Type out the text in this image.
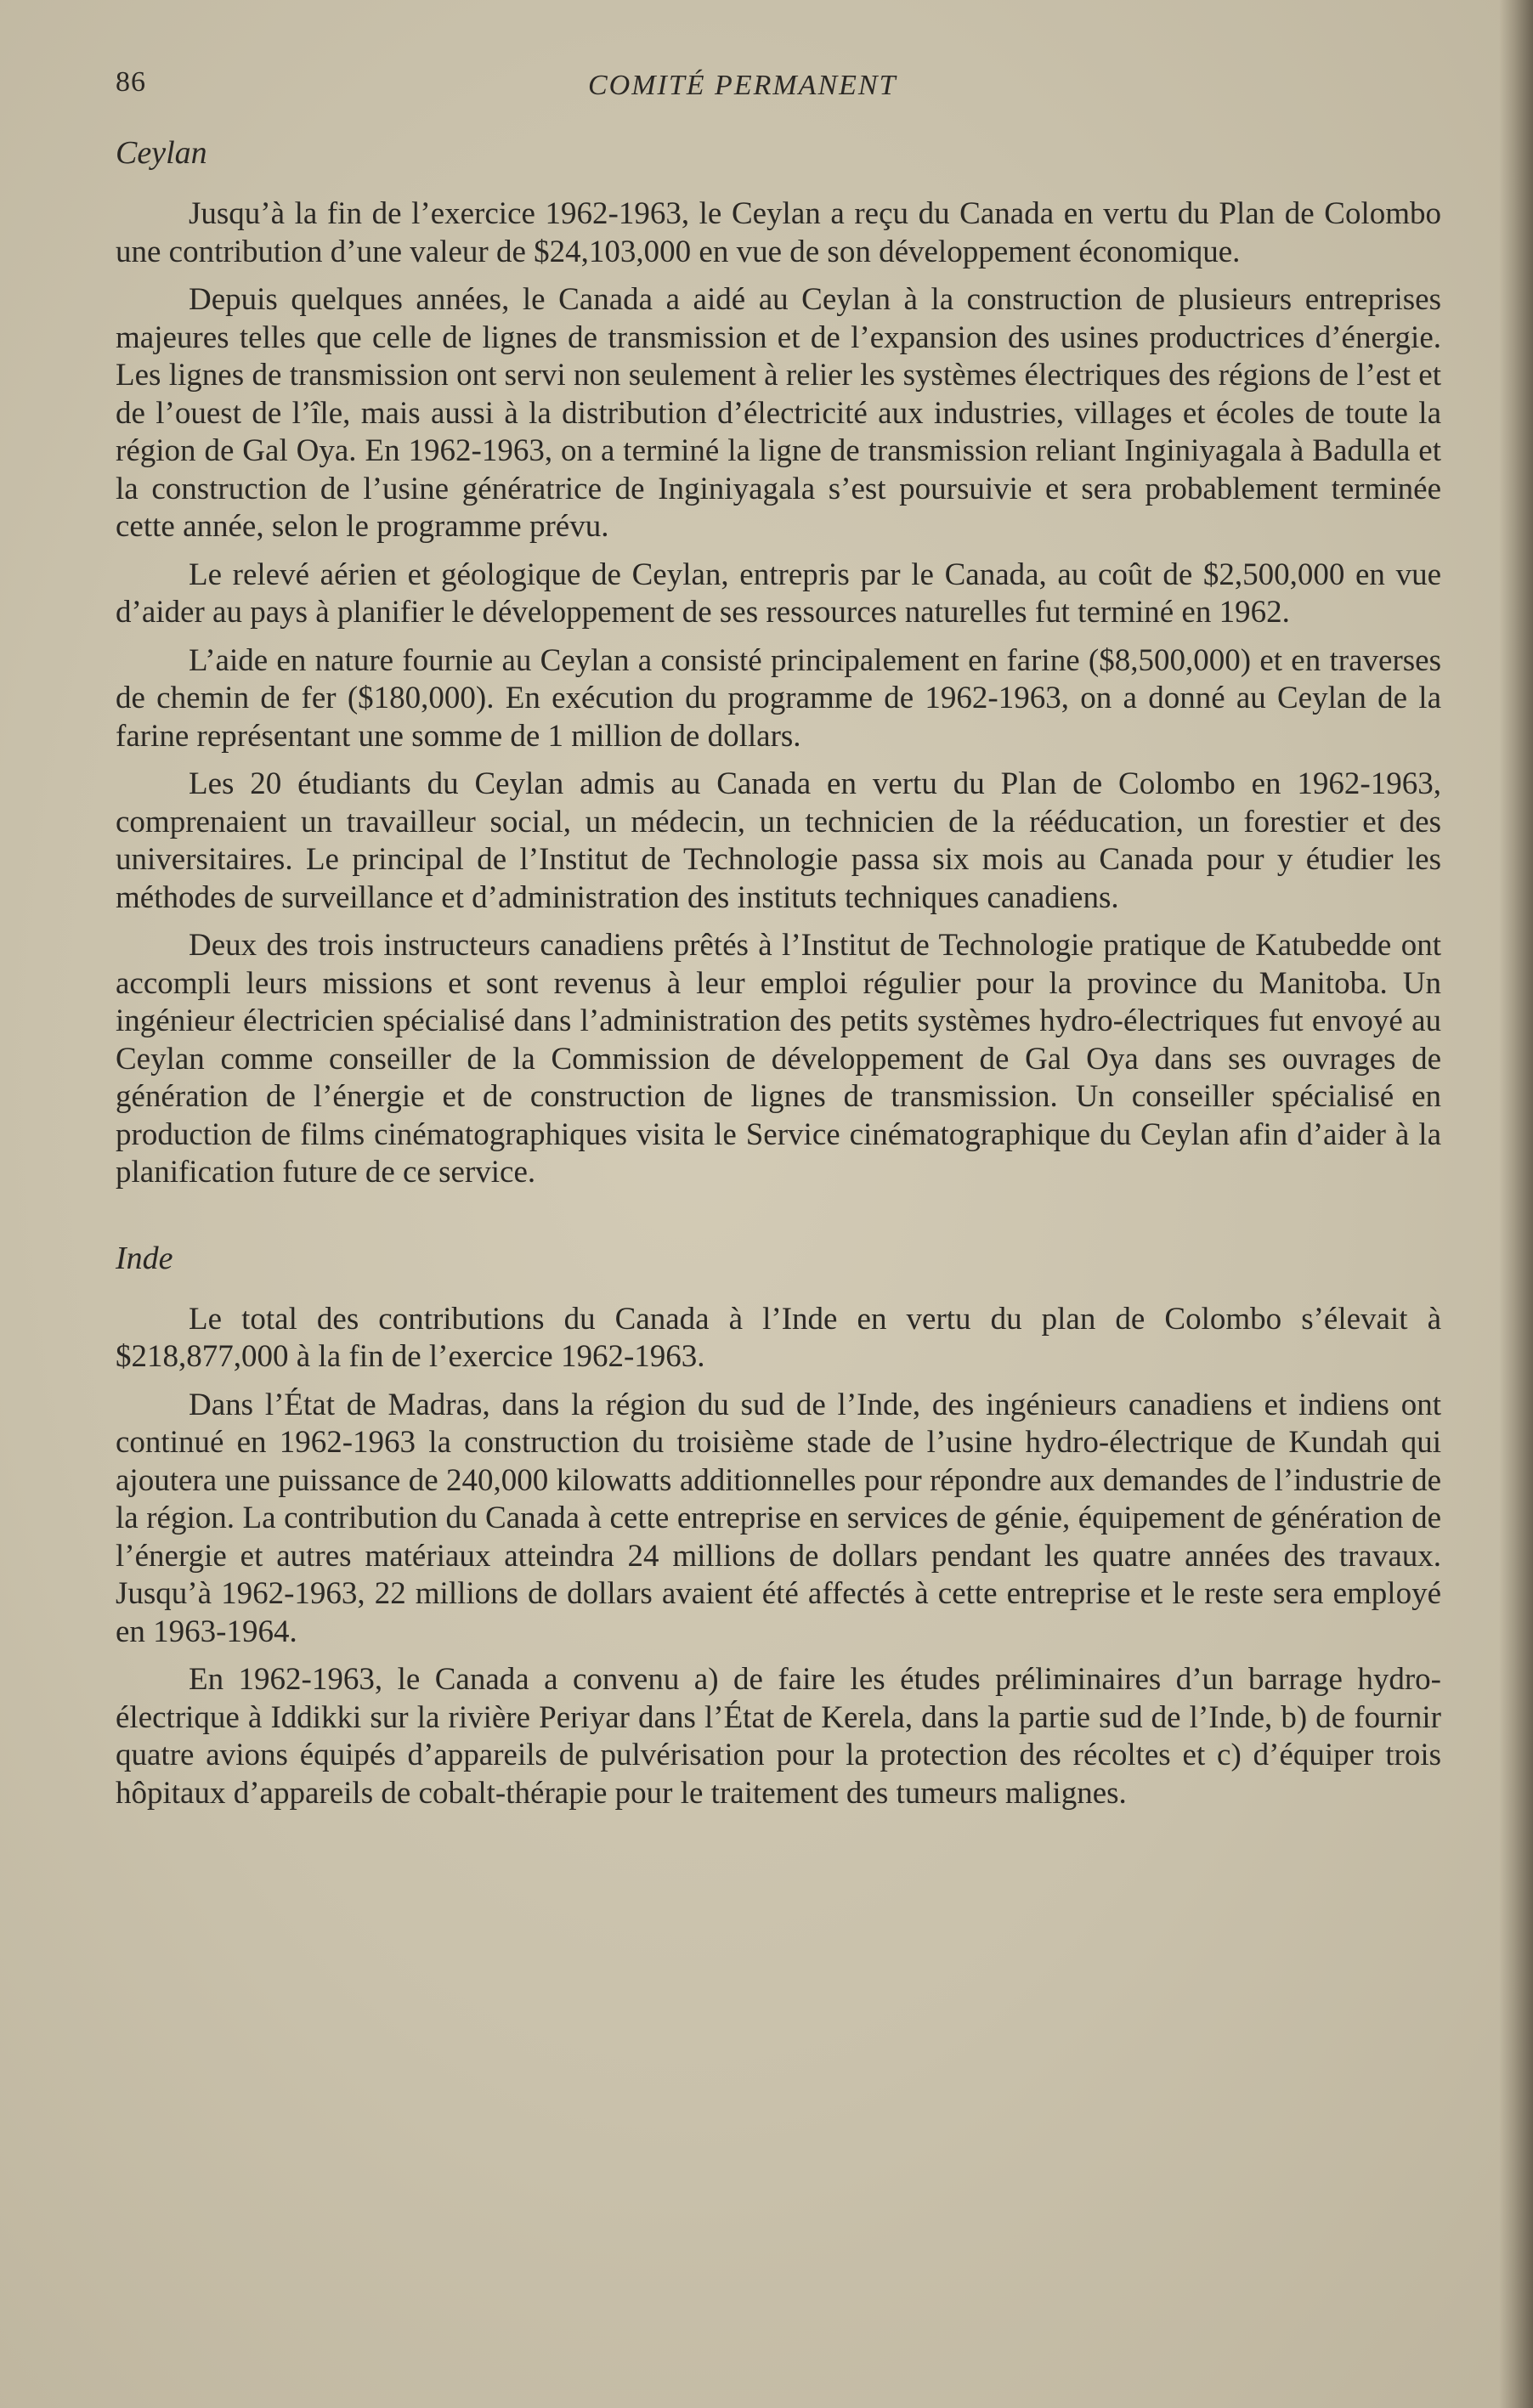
86	COMITÉ PERMANENT
Ceylan

Jusqu’à la fin de l’exercice 1962-1963, le Ceylan a reçu du Canada en vertu du Plan de Colombo une contribution d’une valeur de $24,103,000 en vue de son développement économique.

Depuis quelques années, le Canada a aidé au Ceylan à la construction de plusieurs entreprises majeures telles que celle de lignes de transmission et de l’expansion des usines productrices d’énergie. Les lignes de transmission ont servi non seulement à relier les systèmes électriques des régions de l’est et de l’ouest de l’île, mais aussi à la distribution d’électricité aux industries, villages et écoles de toute la région de Gal Oya. En 1962-1963, on a terminé la ligne de transmission reliant Inginiyagala à Badulla et la construction de l’usine génératrice de Inginiyagala s’est poursuivie et sera probablement terminée cette année, selon le programme prévu.

Le relevé aérien et géologique de Ceylan, entrepris par le Canada, au coût de $2,500,000 en vue d’aider au pays à planifier le développement de ses ressources naturelles fut terminé en 1962.

L’aide en nature fournie au Ceylan a consisté principalement en farine ($8,500,000) et en traverses de chemin de fer ($180,000). En exécution du programme de 1962-1963, on a donné au Ceylan de la farine représentant une somme de 1 million de dollars.

Les 20 étudiants du Ceylan admis au Canada en vertu du Plan de Colombo en 1962-1963, comprenaient un travailleur social, un médecin, un technicien de la rééducation, un forestier et des universitaires. Le principal de l’Institut de Technologie passa six mois au Canada pour y étudier les méthodes de surveillance et d’administration des instituts techniques canadiens.

Deux des trois instructeurs canadiens prêtés à l’Institut de Technologie pratique de Katubedde ont accompli leurs missions et sont revenus à leur emploi régulier pour la province du Manitoba. Un ingénieur électricien spécialisé dans l’administration des petits systèmes hydro-électriques fut envoyé au Ceylan comme conseiller de la Commission de développement de Gal Oya dans ses ouvrages de génération de l’énergie et de construction de lignes de transmission. Un conseiller spécialisé en production de films cinématographiques visita le Service cinématographique du Ceylan afin d’aider à la planification future de ce service.

Inde

Le total des contributions du Canada à l’Inde en vertu du plan de Colombo s’élevait à $218,877,000 à la fin de l’exercice 1962-1963.

Dans l’État de Madras, dans la région du sud de l’Inde, des ingénieurs canadiens et indiens ont continué en 1962-1963 la construction du troisième stade de l’usine hydro-électrique de Kundah qui ajoutera une puissance de 240,000 kilowatts additionnelles pour répondre aux demandes de l’industrie de la région. La contribution du Canada à cette entreprise en services de génie, équipement de génération de l’énergie et autres matériaux atteindra 24 millions de dollars pendant les quatre années des travaux. Jusqu’à 1962-1963, 22 millions de dollars avaient été affectés à cette entreprise et le reste sera employé en 1963-1964.

En 1962-1963, le Canada a convenu a) de faire les études préliminaires d’un barrage hydro-électrique à Iddikki sur la rivière Periyar dans l’État de Kerela, dans la partie sud de l’Inde, b) de fournir quatre avions équipés d’appareils de pulvérisation pour la protection des récoltes et c) d’équiper trois hôpitaux d’appareils de cobalt-thérapie pour le traitement des tumeurs malignes.
